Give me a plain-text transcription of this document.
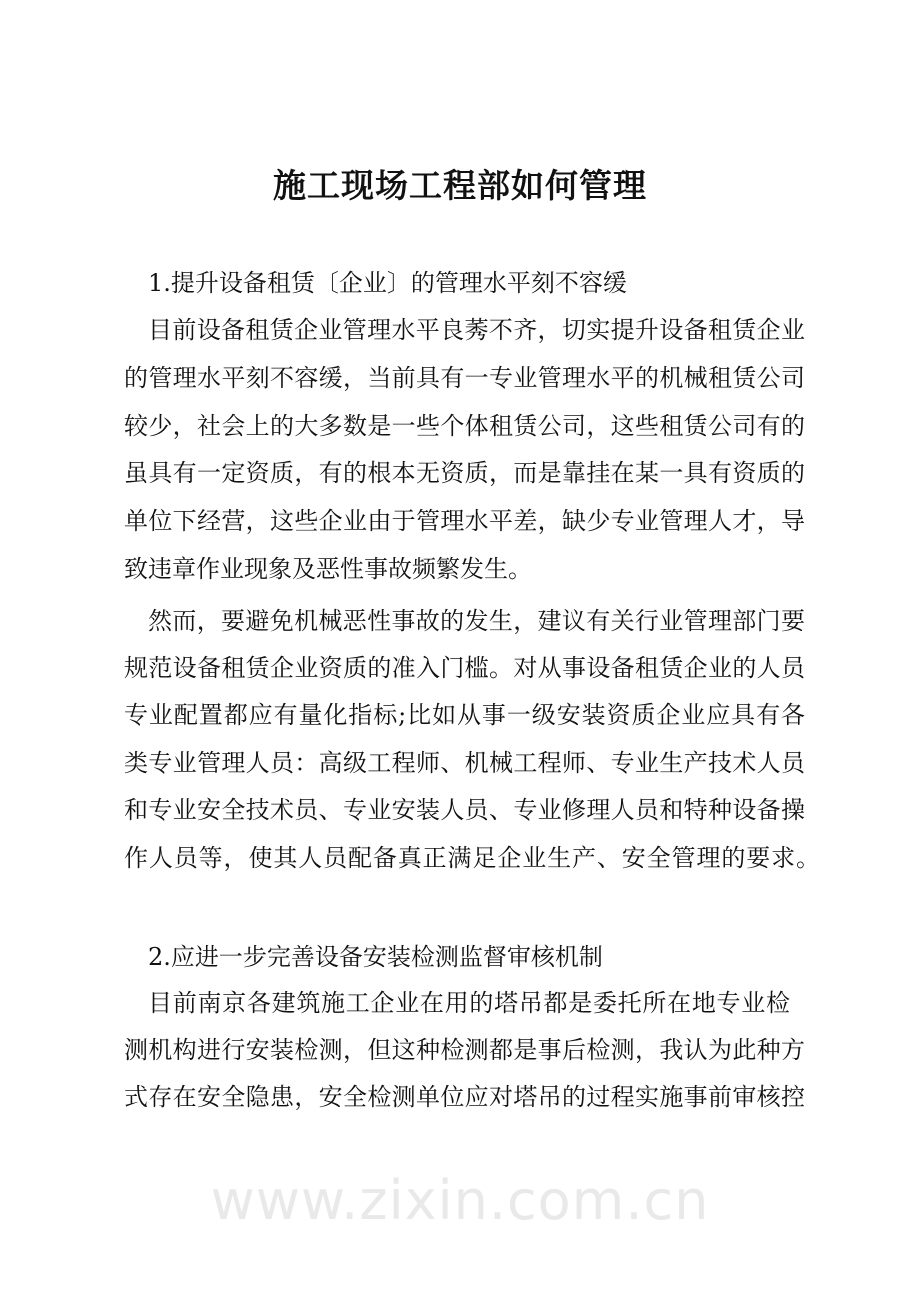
施工现场工程部如何管理
1.提升设备租赁〔企业〕的管理水平刻不容缓
目前设备租赁企业管理水平良莠不齐，切实提升设备租赁企业
的管理水平刻不容缓，当前具有一专业管理水平的机械租赁公司
较少，社会上的大多数是一些个体租赁公司，这些租赁公司有的
虽具有一定资质，有的根本无资质，而是靠挂在某一具有资质的
单位下经营，这些企业由于管理水平差，缺少专业管理人才，导
致违章作业现象及恶性事故频繁发生。
然而，要避免机械恶性事故的发生，建议有关行业管理部门要
规范设备租赁企业资质的准入门槛。对从事设备租赁企业的人员
专业配置都应有量化指标;比如从事一级安装资质企业应具有各
类专业管理人员：高级工程师、机械工程师、专业生产技术人员
和专业安全技术员、专业安装人员、专业修理人员和特种设备操
作人员等，使其人员配备真正满足企业生产、安全管理的要求。
2.应进一步完善设备安装检测监督审核机制
目前南京各建筑施工企业在用的塔吊都是委托所在地专业检
测机构进行安装检测，但这种检测都是事后检测，我认为此种方
式存在安全隐患，安全检测单位应对塔吊的过程实施事前审核控
www.zixin.com.cn
